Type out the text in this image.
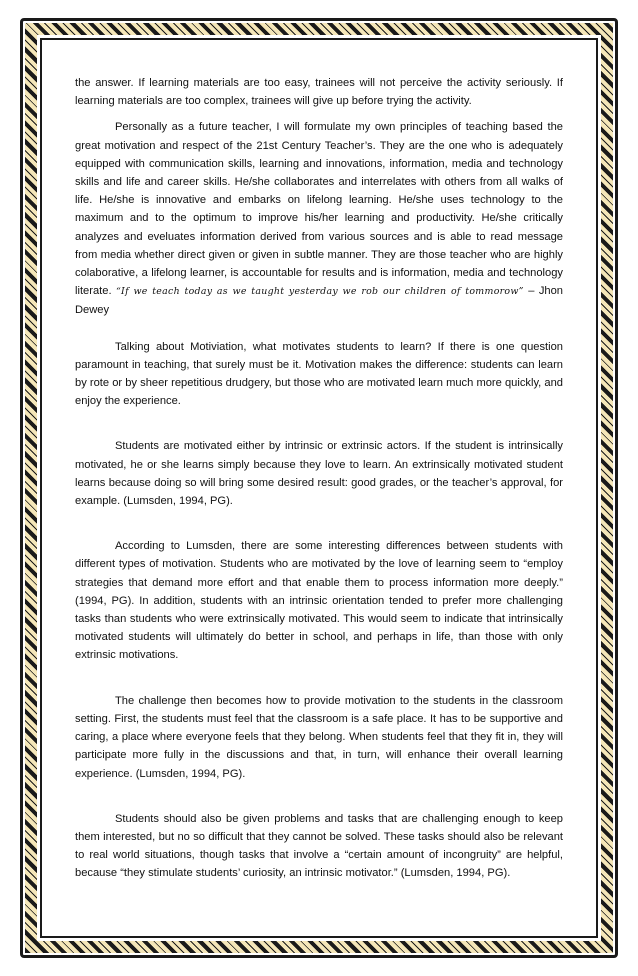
the answer. If learning materials are too easy, trainees will not perceive the activity seriously. If learning materials are too complex, trainees will give up before trying the activity.

Personally as a future teacher, I will formulate my own principles of teaching based the great motivation and respect of the 21st Century Teacher’s. They are the one who is adequately equipped with communication skills, learning and innovations, information, media and technology skills and life and career skills. He/she collaborates and interrelates with others from all walks of life. He/she is innovative and embarks on lifelong learning. He/she uses technology to the maximum and to the optimum to improve his/her learning and productivity. He/she critically analyzes and eveluates information derived from various sources and is able to read message from media whether direct given or given in subtle manner. They are those teacher who are highly colaborative, a lifelong learner, is accountable for results and is information, media and technology literate. “If we teach today as we taught yesterday we rob our children of tommorow” – Jhon Dewey

Talking about Motiviation, what motivates students to learn? If there is one question paramount in teaching, that surely must be it. Motivation makes the difference: students can learn by rote or by sheer repetitious drudgery, but those who are motivated learn much more quickly, and enjoy the experience.

Students are motivated either by intrinsic or extrinsic actors. If the student is intrinsically motivated, he or she learns simply because they love to learn. An extrinsically motivated student learns because doing so will bring some desired result: good grades, or the teacher’s approval, for example. (Lumsden, 1994, PG).

According to Lumsden, there are some interesting differences between students with different types of motivation. Students who are motivated by the love of learning seem to “employ strategies that demand more effort and that enable them to process information more deeply.” (1994, PG). In addition, students with an intrinsic orientation tended to prefer more challenging tasks than students who were extrinsically motivated. This would seem to indicate that intrinsically motivated students will ultimately do better in school, and perhaps in life, than those with only extrinsic motivations.

The challenge then becomes how to provide motivation to the students in the classroom setting. First, the students must feel that the classroom is a safe place. It has to be supportive and caring, a place where everyone feels that they belong. When students feel that they fit in, they will participate more fully in the discussions and that, in turn, will enhance their overall learning experience. (Lumsden, 1994, PG).

Students should also be given problems and tasks that are challenging enough to keep them interested, but no so difficult that they cannot be solved. These tasks should also be relevant to real world situations, though tasks that involve a “certain amount of incongruity” are helpful, because “they stimulate students’ curiosity, an intrinsic motivator.” (Lumsden, 1994, PG).
